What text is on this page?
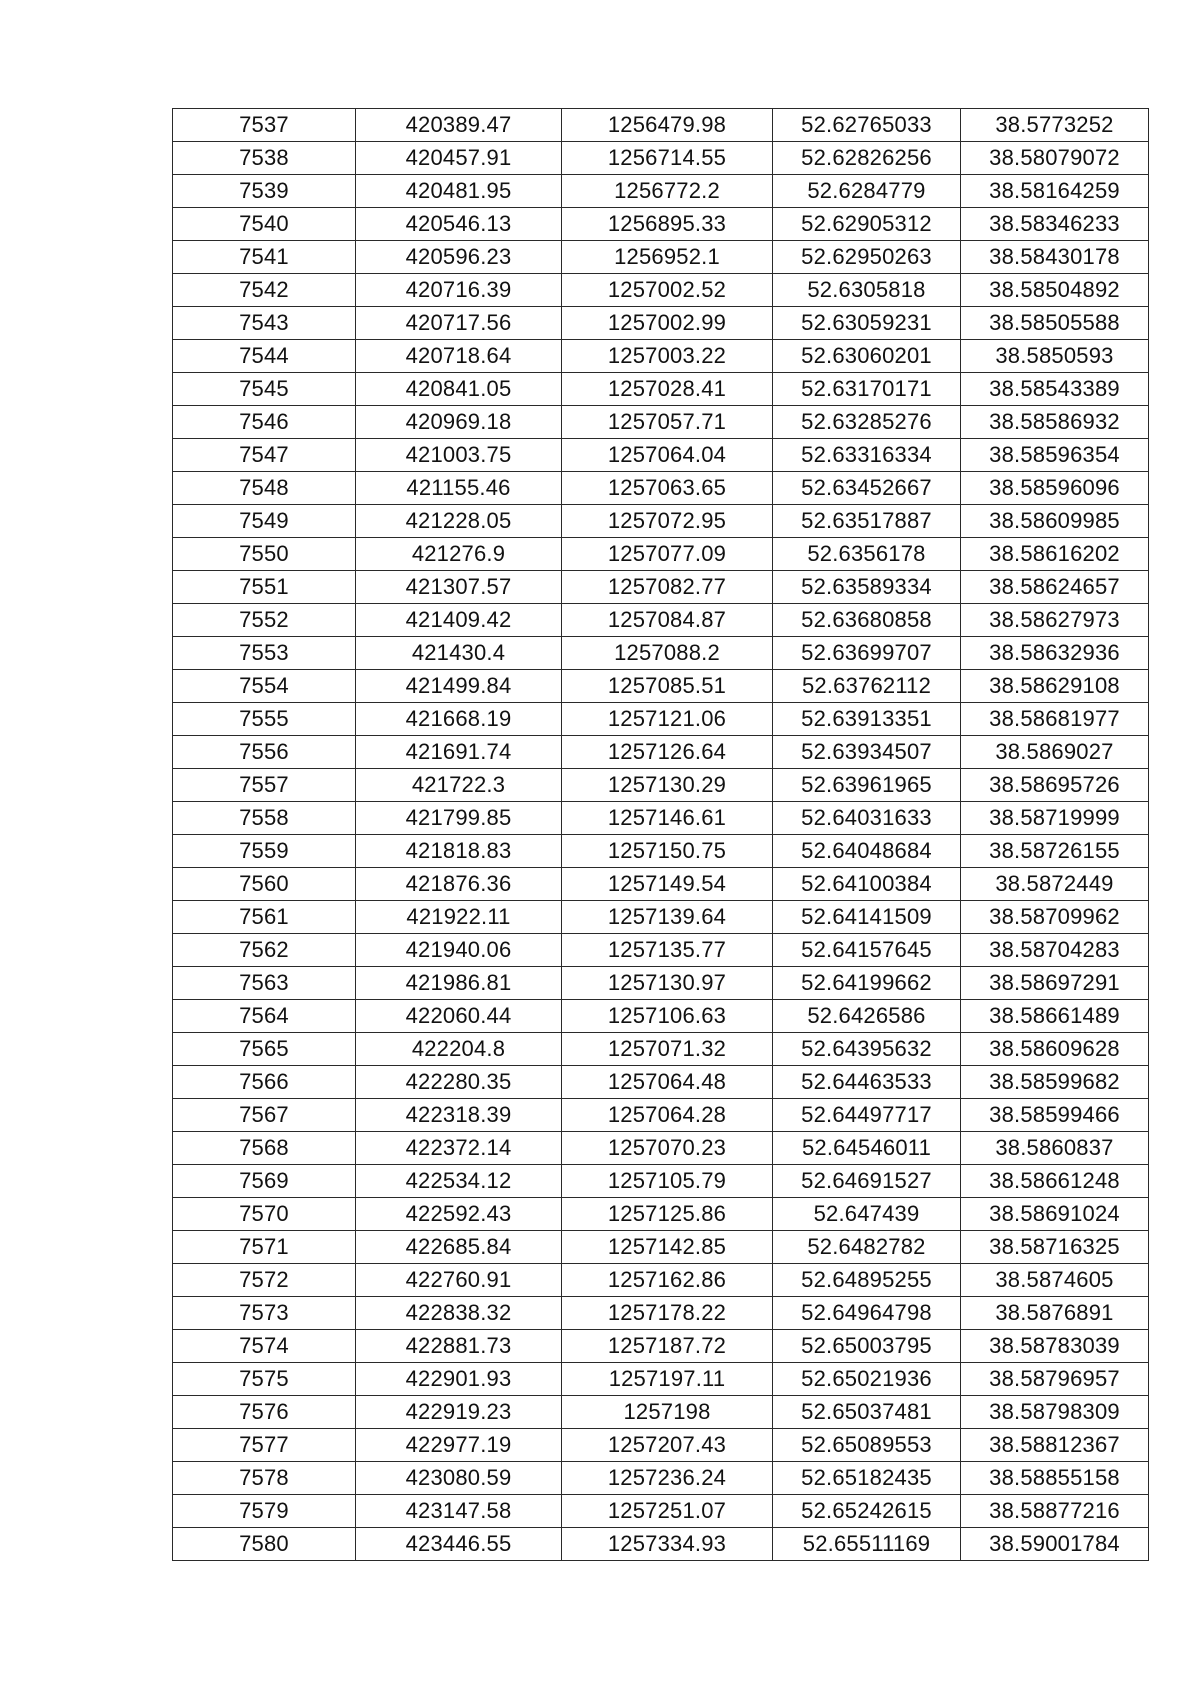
7537	420389.47	1256479.98	52.62765033	38.5773252
7538	420457.91	1256714.55	52.62826256	38.58079072
7539	420481.95	1256772.2	52.6284779	38.58164259
7540	420546.13	1256895.33	52.62905312	38.58346233
7541	420596.23	1256952.1	52.62950263	38.58430178
7542	420716.39	1257002.52	52.6305818	38.58504892
7543	420717.56	1257002.99	52.63059231	38.58505588
7544	420718.64	1257003.22	52.63060201	38.5850593
7545	420841.05	1257028.41	52.63170171	38.58543389
7546	420969.18	1257057.71	52.63285276	38.58586932
7547	421003.75	1257064.04	52.63316334	38.58596354
7548	421155.46	1257063.65	52.63452667	38.58596096
7549	421228.05	1257072.95	52.63517887	38.58609985
7550	421276.9	1257077.09	52.6356178	38.58616202
7551	421307.57	1257082.77	52.63589334	38.58624657
7552	421409.42	1257084.87	52.63680858	38.58627973
7553	421430.4	1257088.2	52.63699707	38.58632936
7554	421499.84	1257085.51	52.63762112	38.58629108
7555	421668.19	1257121.06	52.63913351	38.58681977
7556	421691.74	1257126.64	52.63934507	38.5869027
7557	421722.3	1257130.29	52.63961965	38.58695726
7558	421799.85	1257146.61	52.64031633	38.58719999
7559	421818.83	1257150.75	52.64048684	38.58726155
7560	421876.36	1257149.54	52.64100384	38.5872449
7561	421922.11	1257139.64	52.64141509	38.58709962
7562	421940.06	1257135.77	52.64157645	38.58704283
7563	421986.81	1257130.97	52.64199662	38.58697291
7564	422060.44	1257106.63	52.6426586	38.58661489
7565	422204.8	1257071.32	52.64395632	38.58609628
7566	422280.35	1257064.48	52.64463533	38.58599682
7567	422318.39	1257064.28	52.64497717	38.58599466
7568	422372.14	1257070.23	52.64546011	38.5860837
7569	422534.12	1257105.79	52.64691527	38.58661248
7570	422592.43	1257125.86	52.647439	38.58691024
7571	422685.84	1257142.85	52.6482782	38.58716325
7572	422760.91	1257162.86	52.64895255	38.5874605
7573	422838.32	1257178.22	52.64964798	38.5876891
7574	422881.73	1257187.72	52.65003795	38.58783039
7575	422901.93	1257197.11	52.65021936	38.58796957
7576	422919.23	1257198	52.65037481	38.58798309
7577	422977.19	1257207.43	52.65089553	38.58812367
7578	423080.59	1257236.24	52.65182435	38.58855158
7579	423147.58	1257251.07	52.65242615	38.58877216
7580	423446.55	1257334.93	52.65511169	38.59001784
